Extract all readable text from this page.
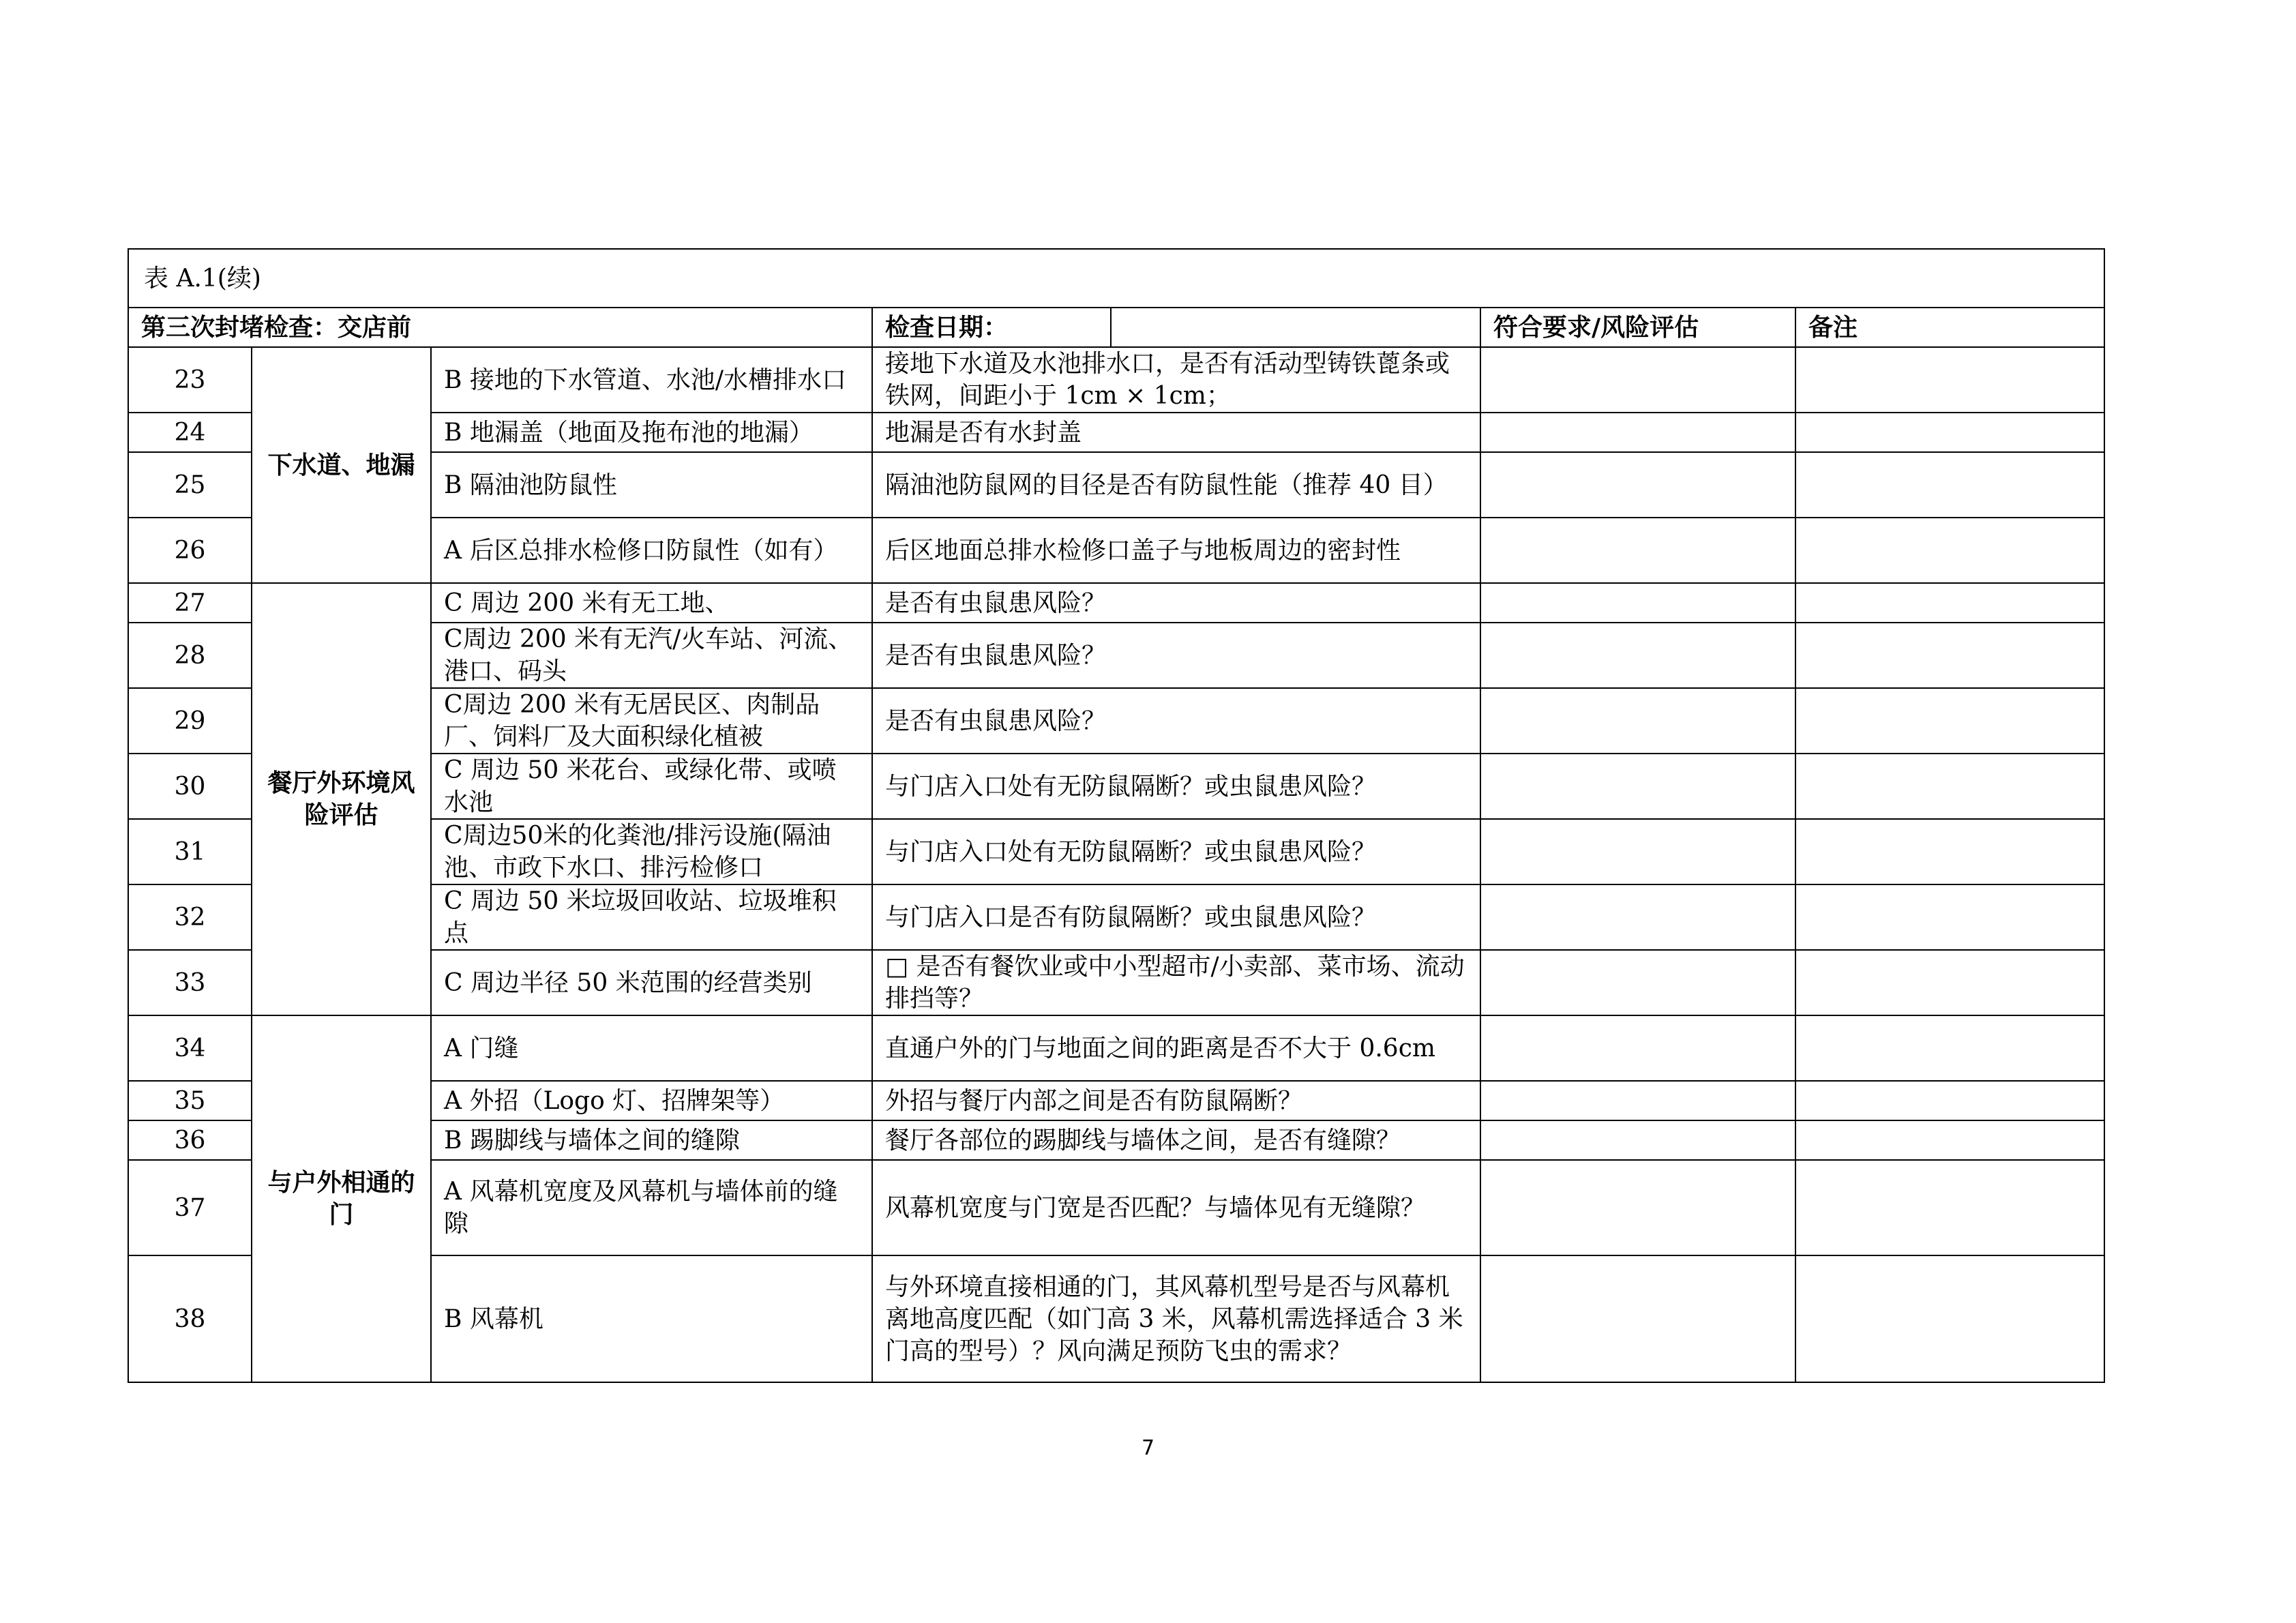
表 A.1(续)						
第三次封堵检查：交店前			检查日期：		符合要求/风险评估	备注
23	下水道、地漏	B 接地的下水管道、水池/水槽排水口	接地下水道及水池排水口，是否有活动型铸铁蓖条或铁网，间距小于 1cm × 1cm；			
24		B 地漏盖（地面及拖布池的地漏）	地漏是否有水封盖			
25		B 隔油池防鼠性	隔油池防鼠网的目径是否有防鼠性能（推荐 40 目）			
26		A 后区总排水检修口防鼠性（如有）	后区地面总排水检修口盖子与地板周边的密封性			
27	餐厅外环境风险评估	C 周边 200 米有无工地、	是否有虫鼠患风险？			
28		C周边 200 米有无汽/火车站、河流、港口、码头	是否有虫鼠患风险？			
29		C周边 200 米有无居民区、肉制品厂、饲料厂及大面积绿化植被	是否有虫鼠患风险？			
30		C 周边 50 米花台、或绿化带、或喷水池	与门店入口处有无防鼠隔断？或虫鼠患风险？			
31		C周边50米的化粪池/排污设施(隔油池、市政下水口、排污检修口	与门店入口处有无防鼠隔断？或虫鼠患风险？			
32		C 周边 50 米垃圾回收站、垃圾堆积点	与门店入口是否有防鼠隔断？或虫鼠患风险？			
33		C 周边半径 50 米范围的经营类别	□ 是否有餐饮业或中小型超市/小卖部、菜市场、流动排挡等？			
34	与户外相通的门	A 门缝	直通户外的门与地面之间的距离是否不大于 0.6cm			
35		A 外招（Logo 灯、招牌架等）	外招与餐厅内部之间是否有防鼠隔断？			
36		B 踢脚线与墙体之间的缝隙	餐厅各部位的踢脚线与墙体之间，是否有缝隙？			
37		A 风幕机宽度及风幕机与墙体前的缝隙	风幕机宽度与门宽是否匹配？与墙体见有无缝隙？			
38		B 风幕机	与外环境直接相通的门，其风幕机型号是否与风幕机离地高度匹配（如门高 3 米，风幕机需选择适合 3 米门高的型号）？风向满足预防飞虫的需求？			
7
